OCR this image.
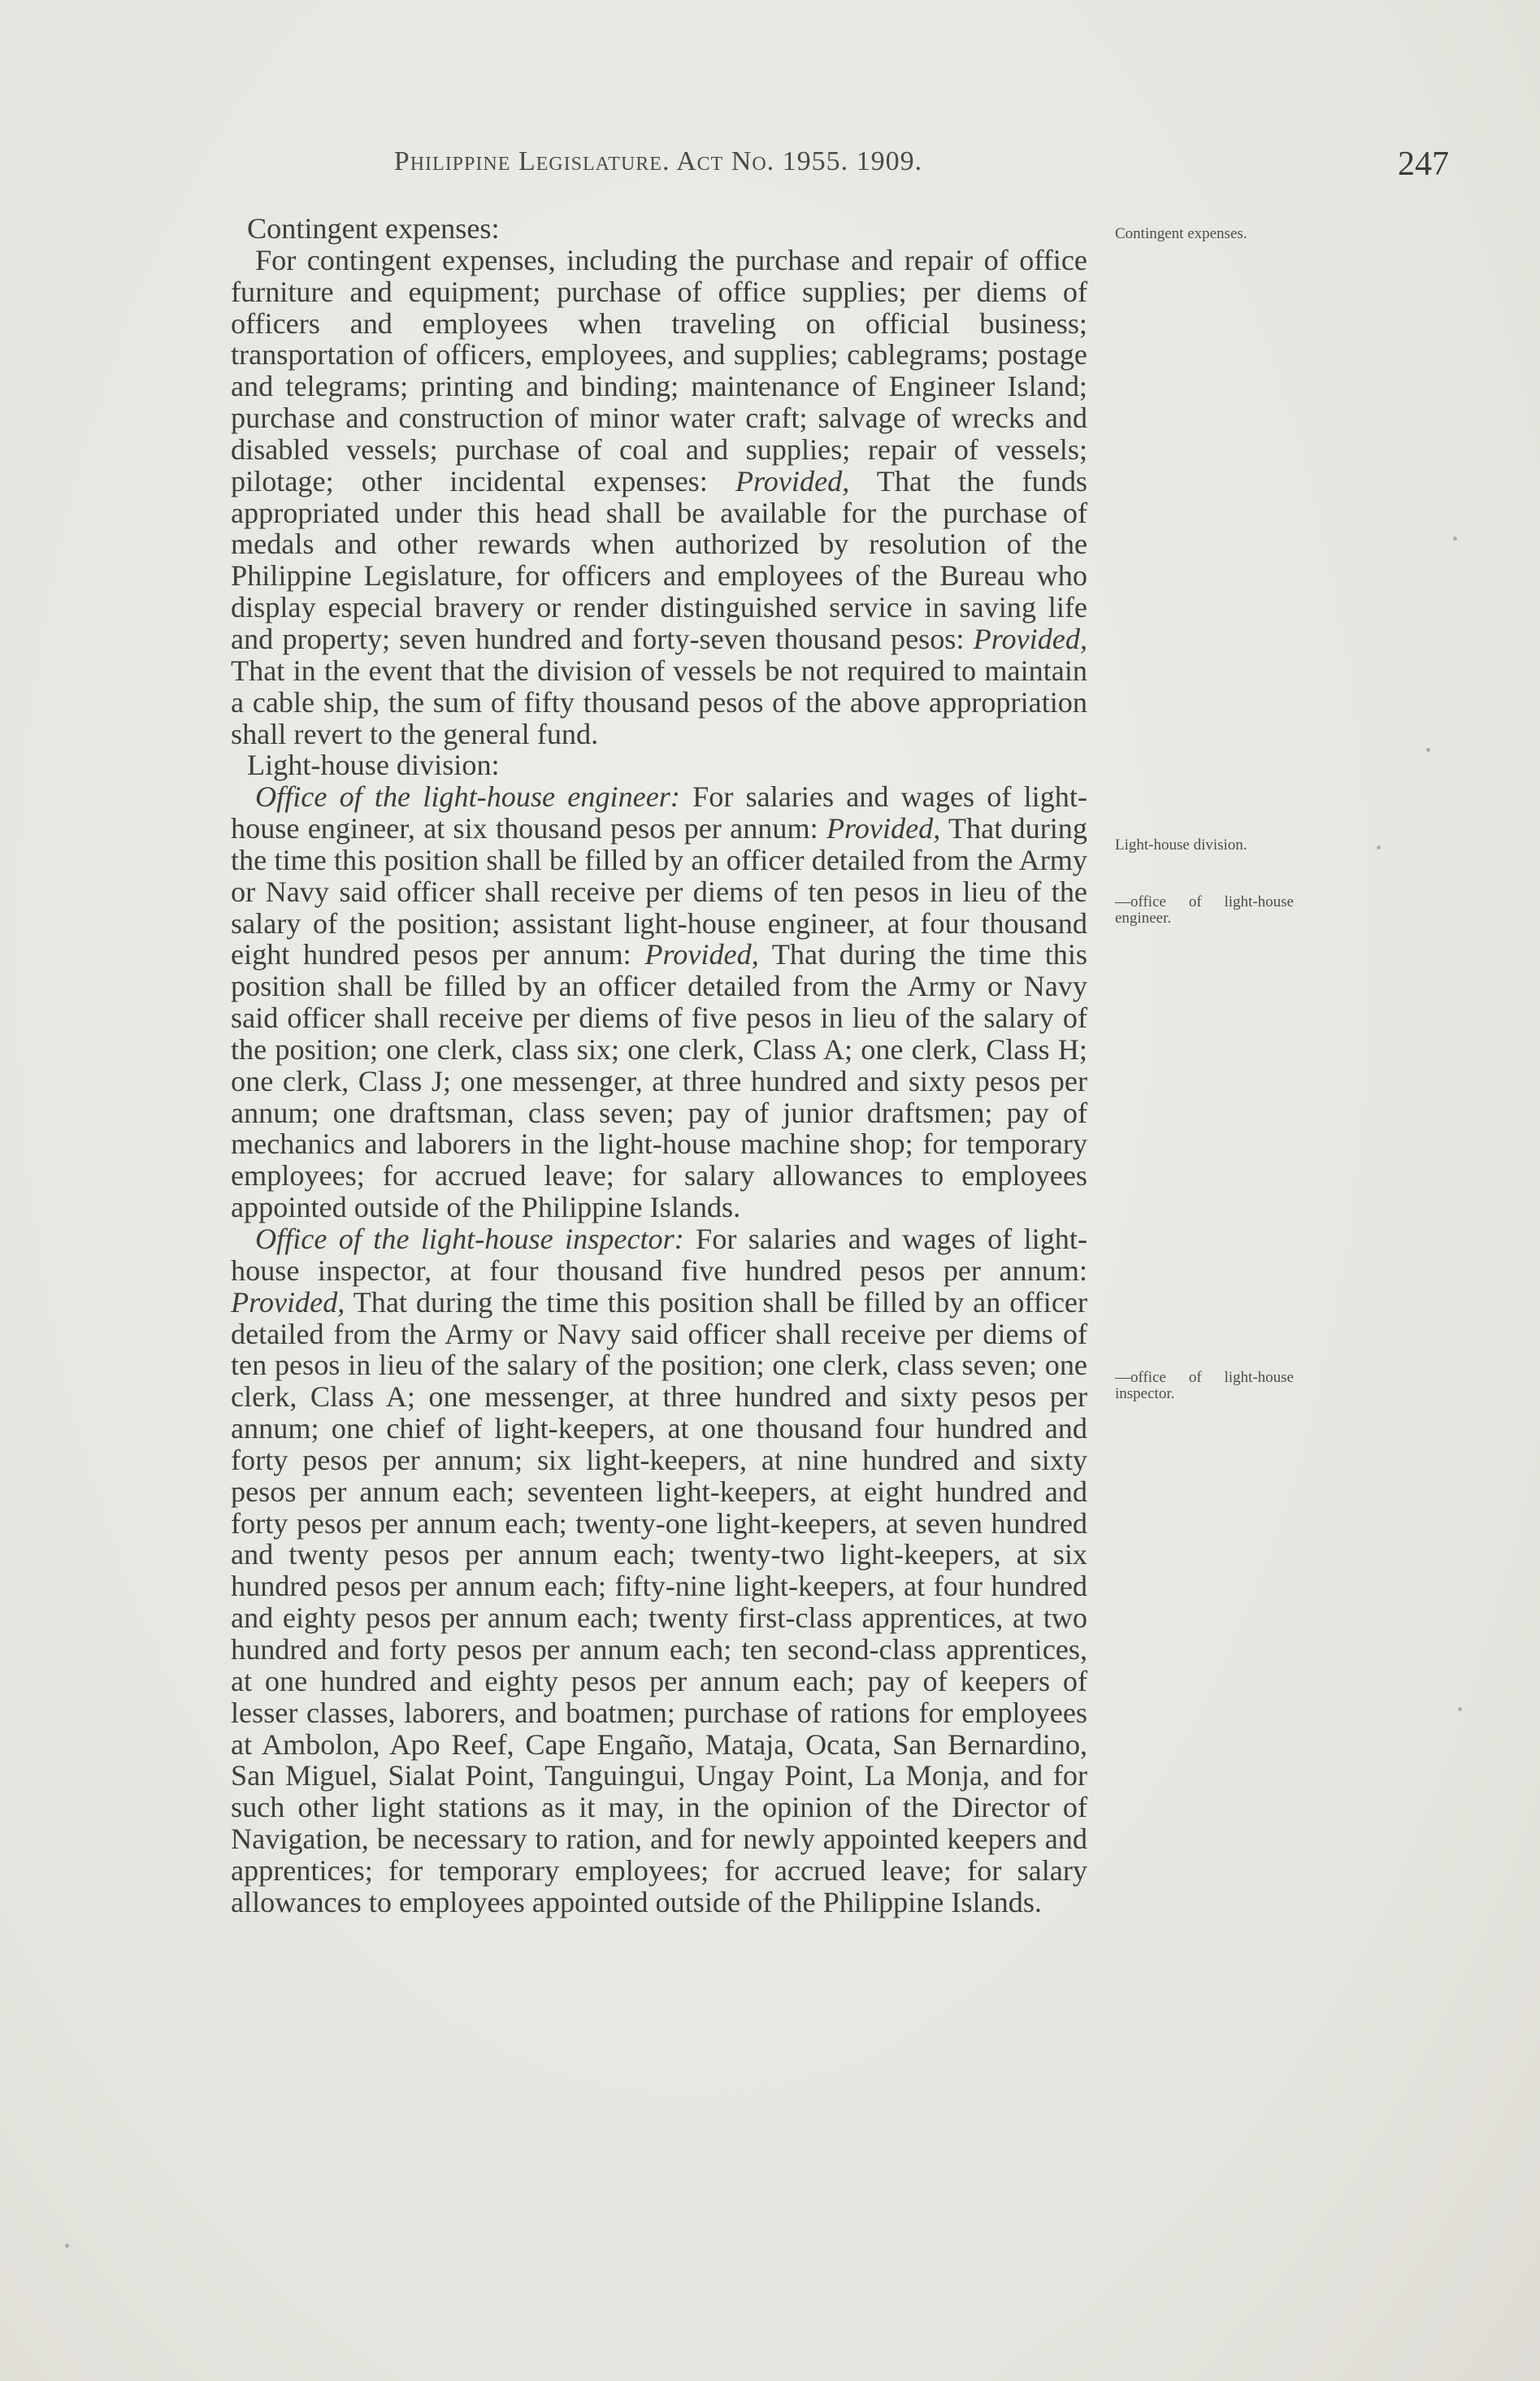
Philippine Legislature. Act No. 1955. 1909.	247

Contingent expenses:

For contingent expenses, including the purchase and repair of office furniture and equipment; purchase of office supplies; per diems of officers and employees when traveling on official business; transportation of officers, employees, and supplies; cablegrams; postage and telegrams; printing and binding; maintenance of Engineer Island; purchase and construction of minor water craft; salvage of wrecks and disabled vessels; purchase of coal and supplies; repair of vessels; pilotage; other incidental expenses: Provided, That the funds appropriated under this head shall be available for the purchase of medals and other rewards when authorized by resolution of the Philippine Legislature, for officers and employees of the Bureau who display especial bravery or render distinguished service in saving life and property; seven hundred and forty-seven thousand pesos: Provided, That in the event that the division of vessels be not required to maintain a cable ship, the sum of fifty thousand pesos of the above appropriation shall revert to the general fund.

Light-house division:

Office of the light-house engineer: For salaries and wages of light-house engineer, at six thousand pesos per annum: Provided, That during the time this position shall be filled by an officer detailed from the Army or Navy said officer shall receive per diems of ten pesos in lieu of the salary of the position; assistant light-house engineer, at four thousand eight hundred pesos per annum: Provided, That during the time this position shall be filled by an officer detailed from the Army or Navy said officer shall receive per diems of five pesos in lieu of the salary of the position; one clerk, class six; one clerk, Class A; one clerk, Class H; one clerk, Class J; one messenger, at three hundred and sixty pesos per annum; one draftsman, class seven; pay of junior draftsmen; pay of mechanics and laborers in the light-house machine shop; for temporary employees; for accrued leave; for salary allowances to employees appointed outside of the Philippine Islands.

Office of the light-house inspector: For salaries and wages of light-house inspector, at four thousand five hundred pesos per annum: Provided, That during the time this position shall be filled by an officer detailed from the Army or Navy said officer shall receive per diems of ten pesos in lieu of the salary of the position; one clerk, class seven; one clerk, Class A; one messenger, at three hundred and sixty pesos per annum; one chief of light-keepers, at one thousand four hundred and forty pesos per annum; six light-keepers, at nine hundred and sixty pesos per annum each; seventeen light-keepers, at eight hundred and forty pesos per annum each; twenty-one light-keepers, at seven hundred and twenty pesos per annum each; twenty-two light-keepers, at six hundred pesos per annum each; fifty-nine light-keepers, at four hundred and eighty pesos per annum each; twenty first-class apprentices, at two hundred and forty pesos per annum each; ten second-class apprentices, at one hundred and eighty pesos per annum each; pay of keepers of lesser classes, laborers, and boatmen; purchase of rations for employees at Ambolon, Apo Reef, Cape Engaño, Mataja, Ocata, San Bernardino, San Miguel, Sialat Point, Tanguingui, Ungay Point, La Monja, and for such other light stations as it may, in the opinion of the Director of Navigation, be necessary to ration, and for newly appointed keepers and apprentices; for temporary employees; for accrued leave; for salary allowances to employees appointed outside of the Philippine Islands.

Contingent expenses.
Light-house division.
—office of light-house engineer.
—office of light-house inspector.
